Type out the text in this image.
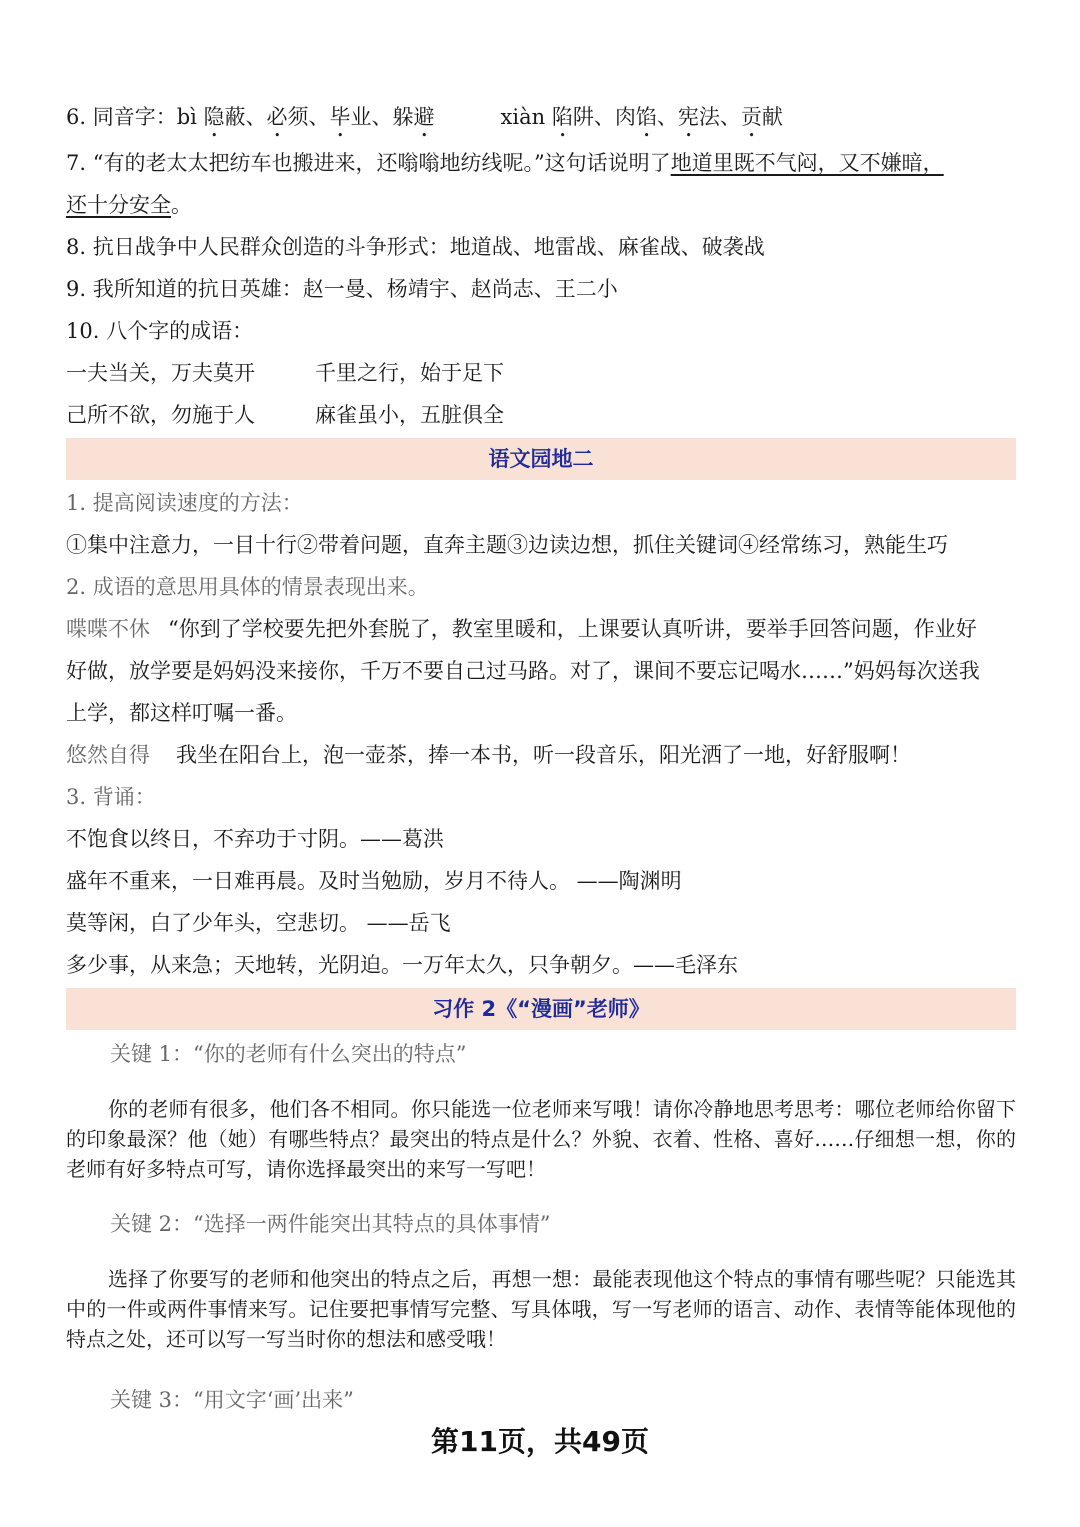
6. 同音字：bì 隐蔽、必须、毕业、躲避	xiàn 陷阱、肉馅、宪法、贡献
7. “有的老太太把纺车也搬进来，还嗡嗡地纺线呢。”这句话说明了地道里既不气闷，又不嫌暗，
还十分安全。
8. 抗日战争中人民群众创造的斗争形式：地道战、地雷战、麻雀战、破袭战
9. 我所知道的抗日英雄：赵一曼、杨靖宇、赵尚志、王二小
10. 八个字的成语：
一夫当关，万夫莫开	千里之行，始于足下
己所不欲，勿施于人	麻雀虽小，五脏俱全
语文园地二
1. 提高阅读速度的方法：
①集中注意力，一目十行②带着问题，直奔主题③边读边想，抓住关键词④经常练习，熟能生巧
2. 成语的意思用具体的情景表现出来。
喋喋不休 “你到了学校要先把外套脱了，教室里暖和，上课要认真听讲，要举手回答问题，作业好
好做，放学要是妈妈没来接你，千万不要自己过马路。对了，课间不要忘记喝水……”妈妈每次送我
上学，都这样叮嘱一番。
悠然自得 我坐在阳台上，泡一壶茶，捧一本书，听一段音乐，阳光洒了一地，好舒服啊！
3. 背诵：
不饱食以终日，不弃功于寸阴。——葛洪
盛年不重来，一日难再晨。及时当勉励，岁月不待人。 ——陶渊明
莫等闲，白了少年头，空悲切。 ——岳飞
多少事，从来急；天地转，光阴迫。一万年太久，只争朝夕。——毛泽东
习作 2《“漫画”老师》
关键 1：“你的老师有什么突出的特点”
你的老师有很多，他们各不相同。你只能选一位老师来写哦！请你冷静地思考思考：哪位老师给你留下的印象最深？他（她）有哪些特点？最突出的特点是什么？外貌、衣着、性格、喜好……仔细想一想，你的老师有好多特点可写，请你选择最突出的来写一写吧！
关键 2：“选择一两件能突出其特点的具体事情”
选择了你要写的老师和他突出的特点之后，再想一想：最能表现他这个特点的事情有哪些呢？只能选其中的一件或两件事情来写。记住要把事情写完整、写具体哦，写一写老师的语言、动作、表情等能体现他的特点之处，还可以写一写当时你的想法和感受哦！
关键 3：“用文字‘画’出来”
第11页，共49页
